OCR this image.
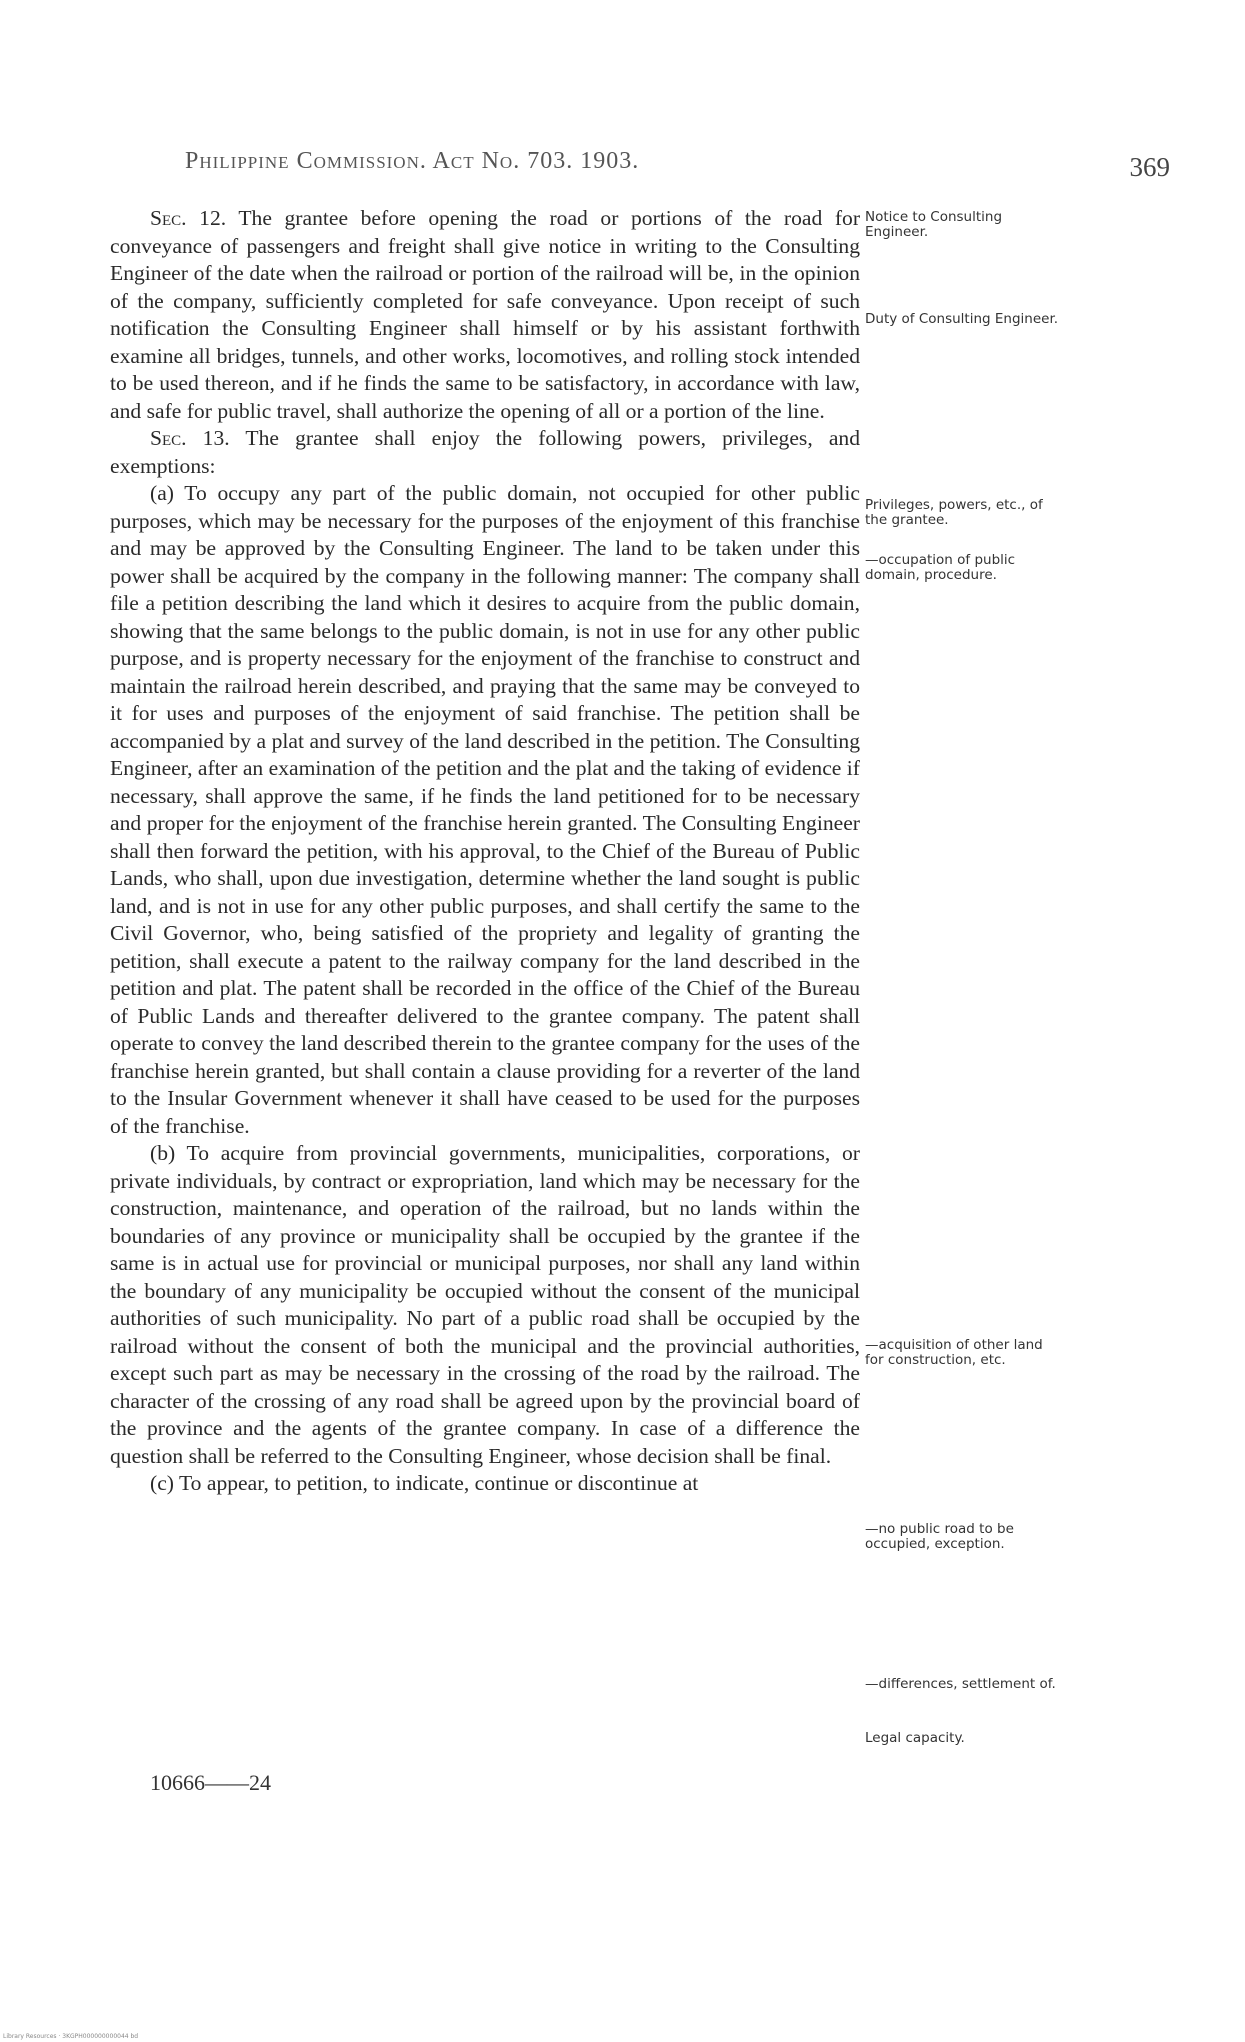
Philippine Commission. Act No. 703. 1903.	369

Sec. 12. The grantee before opening the road or portions of the road for conveyance of passengers and freight shall give notice in writing to the Consulting Engineer of the date when the railroad or portion of the railroad will be, in the opinion of the company, sufficiently completed for safe conveyance. Upon receipt of such notification the Consulting Engineer shall himself or by his assistant forthwith examine all bridges, tunnels, and other works, locomotives, and rolling stock intended to be used thereon, and if he finds the same to be satisfactory, in accordance with law, and safe for public travel, shall authorize the opening of all or a portion of the line.

Sec. 13. The grantee shall enjoy the following powers, privileges, and exemptions:

(a) To occupy any part of the public domain, not occupied for other public purposes, which may be necessary for the purposes of the enjoyment of this franchise and may be approved by the Consulting Engineer. The land to be taken under this power shall be acquired by the company in the following manner: The company shall file a petition describing the land which it desires to acquire from the public domain, showing that the same belongs to the public domain, is not in use for any other public purpose, and is property necessary for the enjoyment of the franchise to construct and maintain the railroad herein described, and praying that the same may be conveyed to it for uses and purposes of the enjoyment of said franchise. The petition shall be accompanied by a plat and survey of the land described in the petition. The Consulting Engineer, after an examination of the petition and the plat and the taking of evidence if necessary, shall approve the same, if he finds the land petitioned for to be necessary and proper for the enjoyment of the franchise herein granted. The Consulting Engineer shall then forward the petition, with his approval, to the Chief of the Bureau of Public Lands, who shall, upon due investigation, determine whether the land sought is public land, and is not in use for any other public purposes, and shall certify the same to the Civil Governor, who, being satisfied of the propriety and legality of granting the petition, shall execute a patent to the railway company for the land described in the petition and plat. The patent shall be recorded in the office of the Chief of the Bureau of Public Lands and thereafter delivered to the grantee company. The patent shall operate to convey the land described therein to the grantee company for the uses of the franchise herein granted, but shall contain a clause providing for a reverter of the land to the Insular Government whenever it shall have ceased to be used for the purposes of the franchise.

(b) To acquire from provincial governments, municipalities, corporations, or private individuals, by contract or expropriation, land which may be necessary for the construction, maintenance, and operation of the railroad, but no lands within the boundaries of any province or municipality shall be occupied by the grantee if the same is in actual use for provincial or municipal purposes, nor shall any land within the boundary of any municipality be occupied without the consent of the municipal authorities of such municipality. No part of a public road shall be occupied by the railroad without the consent of both the municipal and the provincial authorities, except such part as may be necessary in the crossing of the road by the railroad. The character of the crossing of any road shall be agreed upon by the provincial board of the province and the agents of the grantee company. In case of a difference the question shall be referred to the Consulting Engineer, whose decision shall be final.

(c) To appear, to petition, to indicate, continue or discontinue at

Notice to Consulting Engineer.
Duty of Consulting Engineer.
Privileges, powers, etc., of the grantee.
—occupation of public domain, procedure.
—acquisition of other land for construction, etc.
—no public road to be occupied, exception.
—differences, settlement of.
Legal capacity.
10666——24
Library Resources · 3KGPH000000000044 bd
